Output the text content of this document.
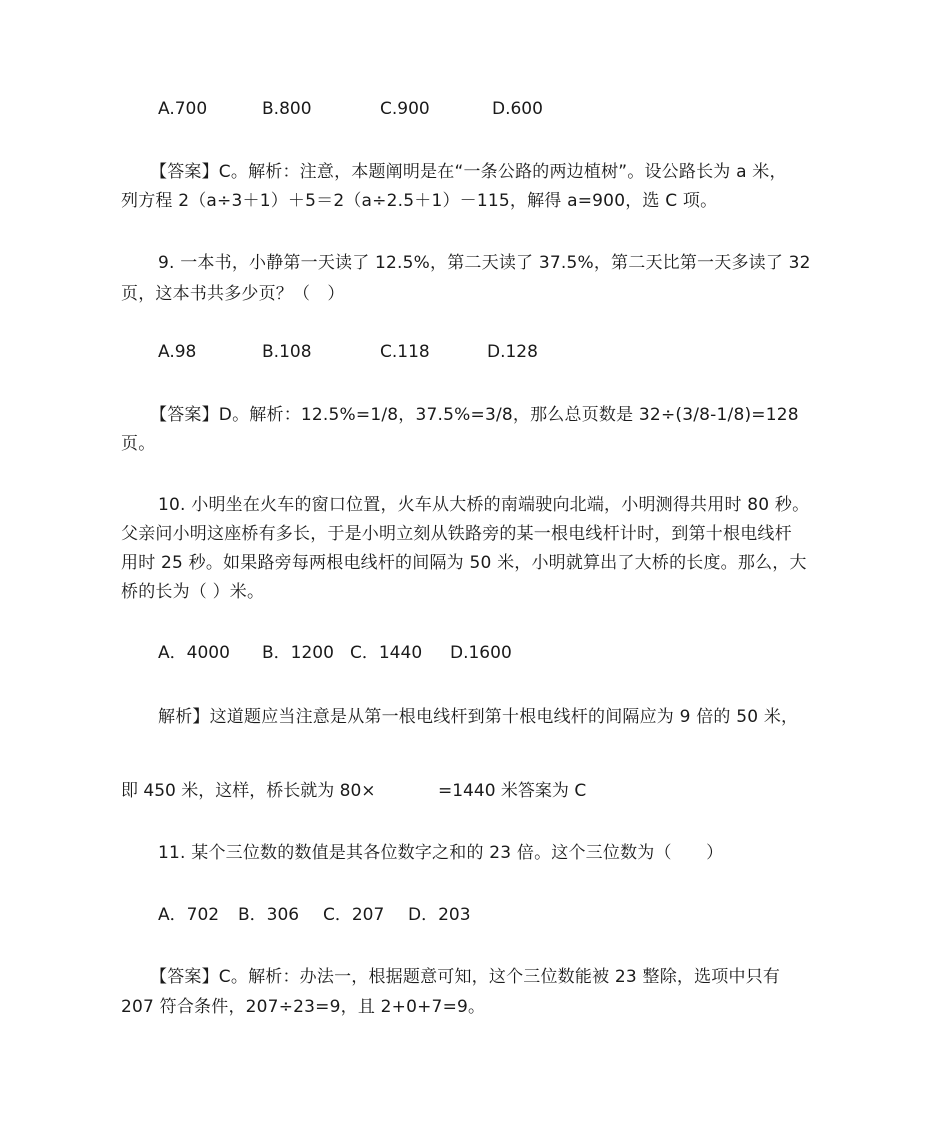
A.700	B.800	C.900	D.600
【答案】C。解析：注意，本题阐明是在“一条公路的两边植树”。设公路长为 a 米，
列方程 2（a÷3＋1）＋5＝2（a÷2.5＋1）－115，解得 a=900，选 C 项。
9. 一本书，小静第一天读了 12.5%，第二天读了 37.5%，第二天比第一天多读了 32
页，这本书共多少页？（　）
A.98	B.108	C.118	D.128
【答案】D。解析：12.5%=1/8，37.5%=3/8，那么总页数是 32÷(3/8-1/8)=128
页。
10. 小明坐在火车的窗口位置，火车从大桥的南端驶向北端，小明测得共用时 80 秒。
父亲问小明这座桥有多长，于是小明立刻从铁路旁的某一根电线杆计时，到第十根电线杆
用时 25 秒。如果路旁每两根电线杆的间隔为 50 米，小明就算出了大桥的长度。那么，大
桥的长为（ ）米。
A．4000 B．1200 C．1440 D.1600
解析】这道题应当注意是从第一根电线杆到第十根电线杆的间隔应为 9 倍的 50 米，
即 450 米，这样，桥长就为 80×	=1440 米答案为 C
11. 某个三位数的数值是其各位数字之和的 23 倍。这个三位数为（　　）
A．702 B．306 C．207 D．203
【答案】C。解析：办法一，根据题意可知，这个三位数能被 23 整除，选项中只有
207 符合条件，207÷23=9，且 2+0+7=9。
